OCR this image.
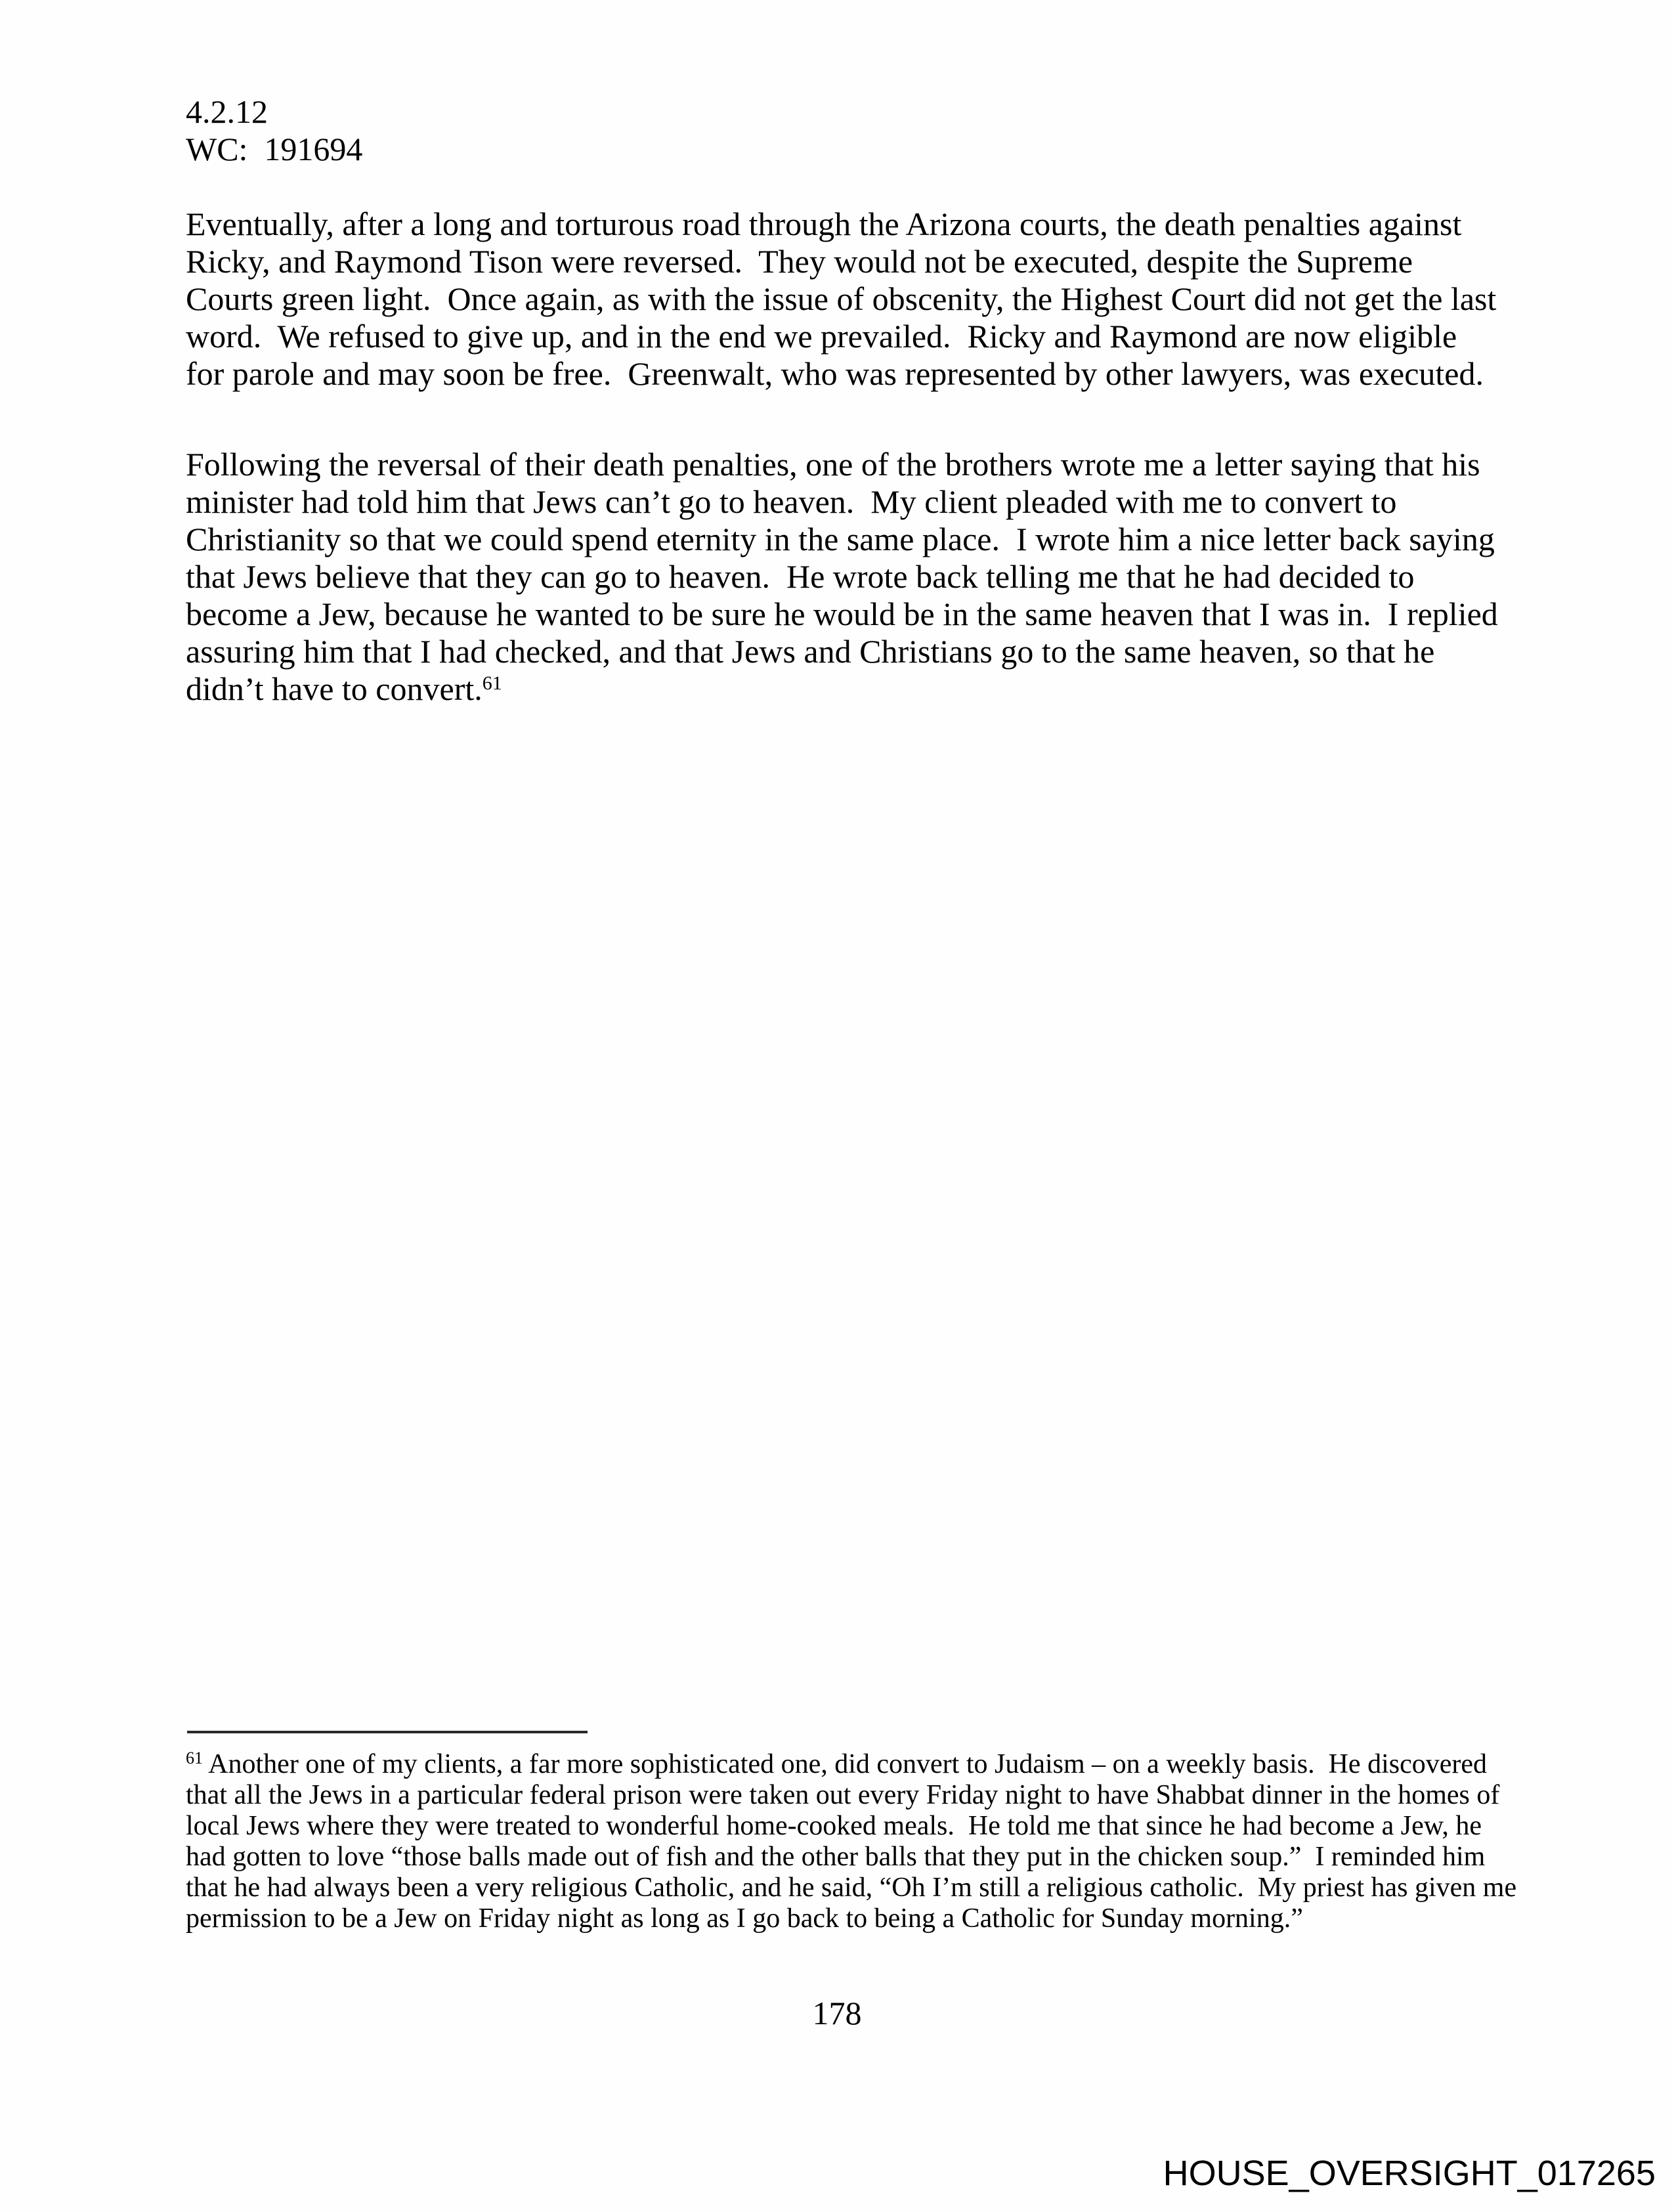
4.2.12
WC:  191694

Eventually, after a long and torturous road through the Arizona courts, the death penalties against Ricky, and Raymond Tison were reversed.  They would not be executed, despite the Supreme Courts green light.  Once again, as with the issue of obscenity, the Highest Court did not get the last word.  We refused to give up, and in the end we prevailed.  Ricky and Raymond are now eligible for parole and may soon be free.  Greenwalt, who was represented by other lawyers, was executed.

Following the reversal of their death penalties, one of the brothers wrote me a letter saying that his minister had told him that Jews can’t go to heaven.  My client pleaded with me to convert to Christianity so that we could spend eternity in the same place.  I wrote him a nice letter back saying that Jews believe that they can go to heaven.  He wrote back telling me that he had decided to become a Jew, because he wanted to be sure he would be in the same heaven that I was in.  I replied assuring him that I had checked, and that Jews and Christians go to the same heaven, so that he didn’t have to convert.$^{61}$

$^{61}$ Another one of my clients, a far more sophisticated one, did convert to Judaism – on a weekly basis.  He discovered that all the Jews in a particular federal prison were taken out every Friday night to have Shabbat dinner in the homes of local Jews where they were treated to wonderful home-cooked meals.  He told me that since he had become a Jew, he had gotten to love “those balls made out of fish and the other balls that they put in the chicken soup.”  I reminded him that he had always been a very religious Catholic, and he said, “Oh I’m still a religious catholic.  My priest has given me permission to be a Jew on Friday night as long as I go back to being a Catholic for Sunday morning.”

178
HOUSE_OVERSIGHT_017265
